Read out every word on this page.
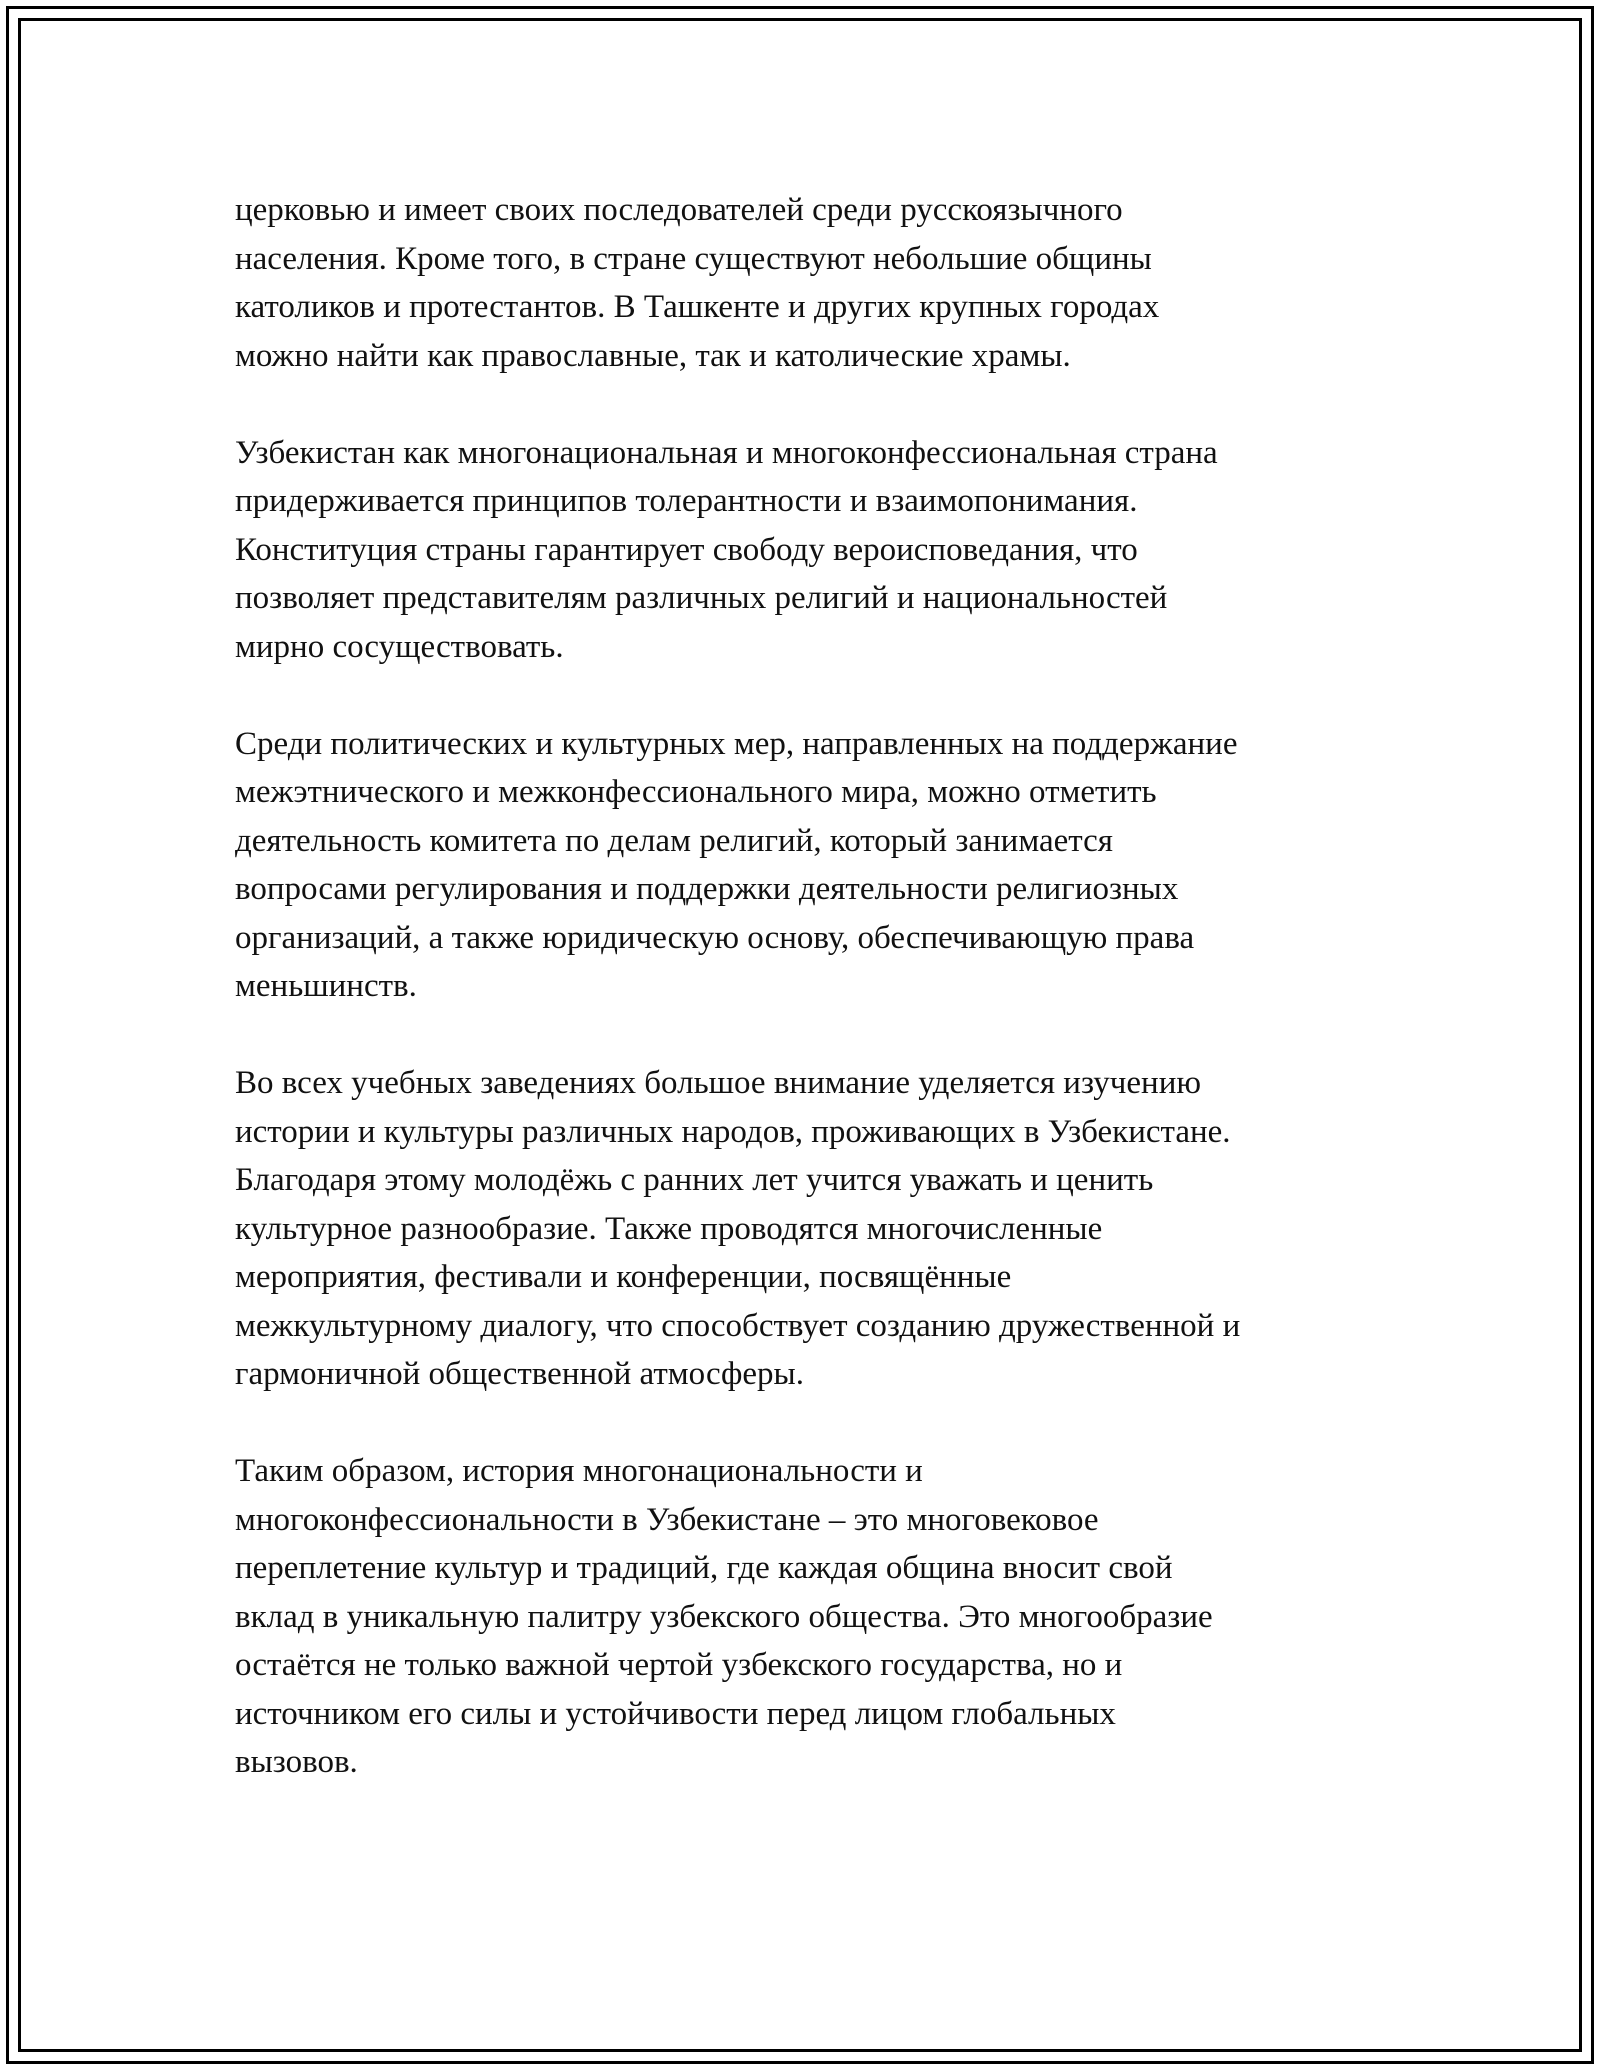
церковью и имеет своих последователей среди русскоязычного
населения. Кроме того, в стране существуют небольшие общины
католиков и протестантов. В Ташкенте и других крупных городах
можно найти как православные, так и католические храмы.

Узбекистан как многонациональная и многоконфессиональная страна
придерживается принципов толерантности и взаимопонимания.
Конституция страны гарантирует свободу вероисповедания, что
позволяет представителям различных религий и национальностей
мирно сосуществовать.

Среди политических и культурных мер, направленных на поддержание
межэтнического и межконфессионального мира, можно отметить
деятельность комитета по делам религий, который занимается
вопросами регулирования и поддержки деятельности религиозных
организаций, а также юридическую основу, обеспечивающую права
меньшинств.

Во всех учебных заведениях большое внимание уделяется изучению
истории и культуры различных народов, проживающих в Узбекистане.
Благодаря этому молодёжь с ранних лет учится уважать и ценить
культурное разнообразие. Также проводятся многочисленные
мероприятия, фестивали и конференции, посвящённые
межкультурному диалогу, что способствует созданию дружественной и
гармоничной общественной атмосферы.

Таким образом, история многонациональности и
многоконфессиональности в Узбекистане – это многовековое
переплетение культур и традиций, где каждая община вносит свой
вклад в уникальную палитру узбекского общества. Это многообразие
остаётся не только важной чертой узбекского государства, но и
источником его силы и устойчивости перед лицом глобальных
вызовов.
